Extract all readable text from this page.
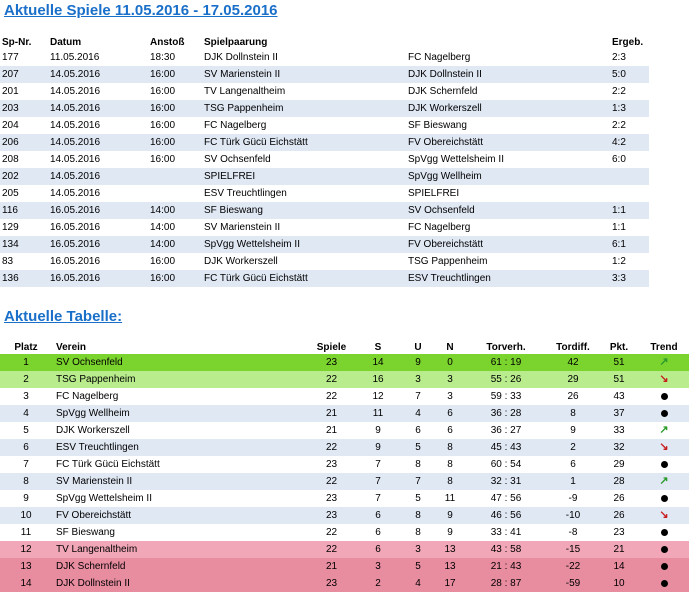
Aktuelle Spiele 11.05.2016 - 17.05.2016
Sp-Nr.	Datum	Anstoß	Spielpaarung		Ergeb.
177	11.05.2016	18:30	DJK Dollnstein II	FC Nagelberg	2:3
207	14.05.2016	16:00	SV Marienstein II	DJK Dollnstein II	5:0
201	14.05.2016	16:00	TV Langenaltheim	DJK Schernfeld	2:2
203	14.05.2016	16:00	TSG Pappenheim	DJK Workerszell	1:3
204	14.05.2016	16:00	FC Nagelberg	SF Bieswang	2:2
206	14.05.2016	16:00	FC Türk Gücü Eichstätt	FV Obereichstätt	4:2
208	14.05.2016	16:00	SV Ochsenfeld	SpVgg Wettelsheim II	6:0
202	14.05.2016		SPIELFREI	SpVgg Wellheim	
205	14.05.2016		ESV Treuchtlingen	SPIELFREI	
116	16.05.2016	14:00	SF Bieswang	SV Ochsenfeld	1:1
129	16.05.2016	14:00	SV Marienstein II	FC Nagelberg	1:1
134	16.05.2016	14:00	SpVgg Wettelsheim II	FV Obereichstätt	6:1
83	16.05.2016	16:00	DJK Workerszell	TSG Pappenheim	1:2
136	16.05.2016	16:00	FC Türk Gücü Eichstätt	ESV Treuchtlingen	3:3
Aktuelle Tabelle:
Platz	Verein	Spiele	S	U	N	Torverh.	Tordiff.	Pkt.	Trend
1	SV Ochsenfeld	23	14	9	0	61 : 19	42	51	↗
2	TSG Pappenheim	22	16	3	3	55 : 26	29	51	↘
3	FC Nagelberg	22	12	7	3	59 : 33	26	43	
4	SpVgg Wellheim	21	11	4	6	36 : 28	8	37	
5	DJK Workerszell	21	9	6	6	36 : 27	9	33	↗
6	ESV Treuchtlingen	22	9	5	8	45 : 43	2	32	↘
7	FC Türk Gücü Eichstätt	23	7	8	8	60 : 54	6	29	
8	SV Marienstein II	22	7	7	8	32 : 31	1	28	↗
9	SpVgg Wettelsheim II	23	7	5	11	47 : 56	-9	26	
10	FV Obereichstätt	23	6	8	9	46 : 56	-10	26	↘
11	SF Bieswang	22	6	8	9	33 : 41	-8	23	
12	TV Langenaltheim	22	6	3	13	43 : 58	-15	21	
13	DJK Schernfeld	21	3	5	13	21 : 43	-22	14	
14	DJK Dollnstein II	23	2	4	17	28 : 87	-59	10	
